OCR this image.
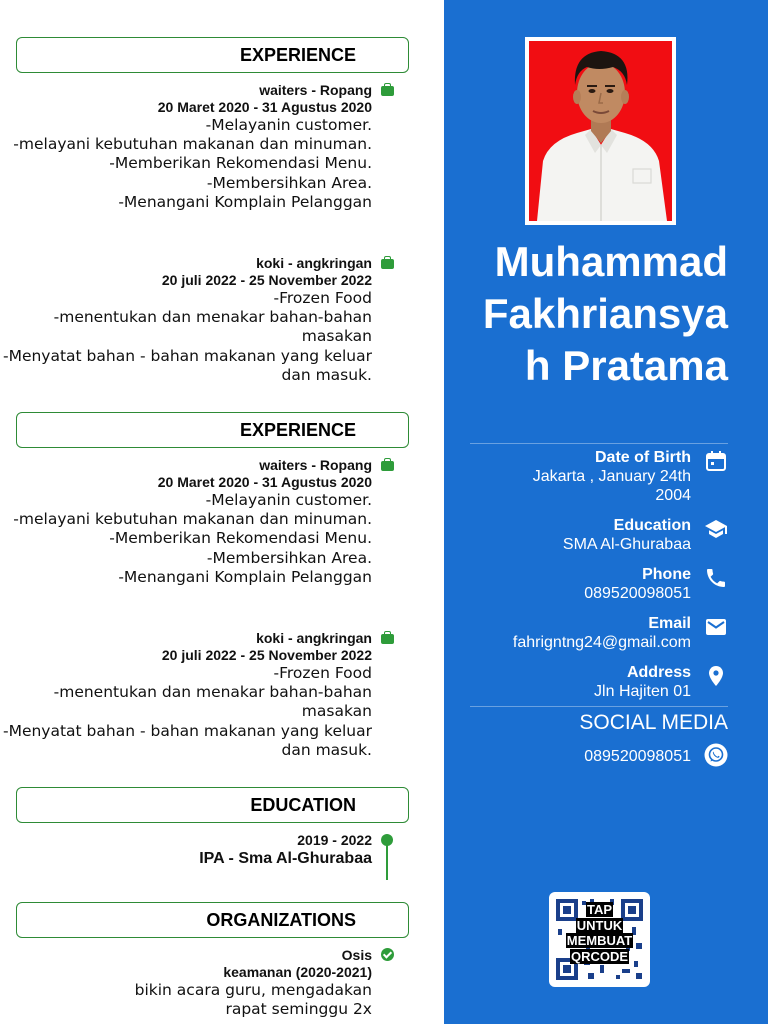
EXPERIENCE
waiters - Ropang
20 Maret 2020 - 31 Agustus 2020
-Melayanin customer.
-melayani kebutuhan makanan dan minuman.
-Memberikan Rekomendasi Menu.
-Membersihkan Area.
-Menangani Komplain Pelanggan
koki - angkringan
20 juli 2022 - 25 November 2022
-Frozen Food
-menentukan dan menakar bahan-bahan masakan
-Menyatat bahan - bahan makanan yang keluar dan masuk.
EXPERIENCE
waiters - Ropang
20 Maret 2020 - 31 Agustus 2020
-Melayanin customer.
-melayani kebutuhan makanan dan minuman.
-Memberikan Rekomendasi Menu.
-Membersihkan Area.
-Menangani Komplain Pelanggan
koki - angkringan
20 juli 2022 - 25 November 2022
-Frozen Food
-menentukan dan menakar bahan-bahan masakan
-Menyatat bahan - bahan makanan yang keluar dan masuk.
EDUCATION
2019 - 2022
IPA - Sma Al-Ghurabaa
ORGANIZATIONS
Osis
keamanan (2020-2021)
bikin acara guru, mengadakan rapat seminggu 2x
Muhammad
Fakhriansya
h Pratama
Date of Birth
Jakarta , January 24th
2004
Education
SMA Al-Ghurabaa
Phone
089520098051
Email
fahrigntng24@gmail.com
Address
Jln Hajiten 01
SOCIAL MEDIA
089520098051
TAP
UNTUK
MEMBUAT
QRCODE
